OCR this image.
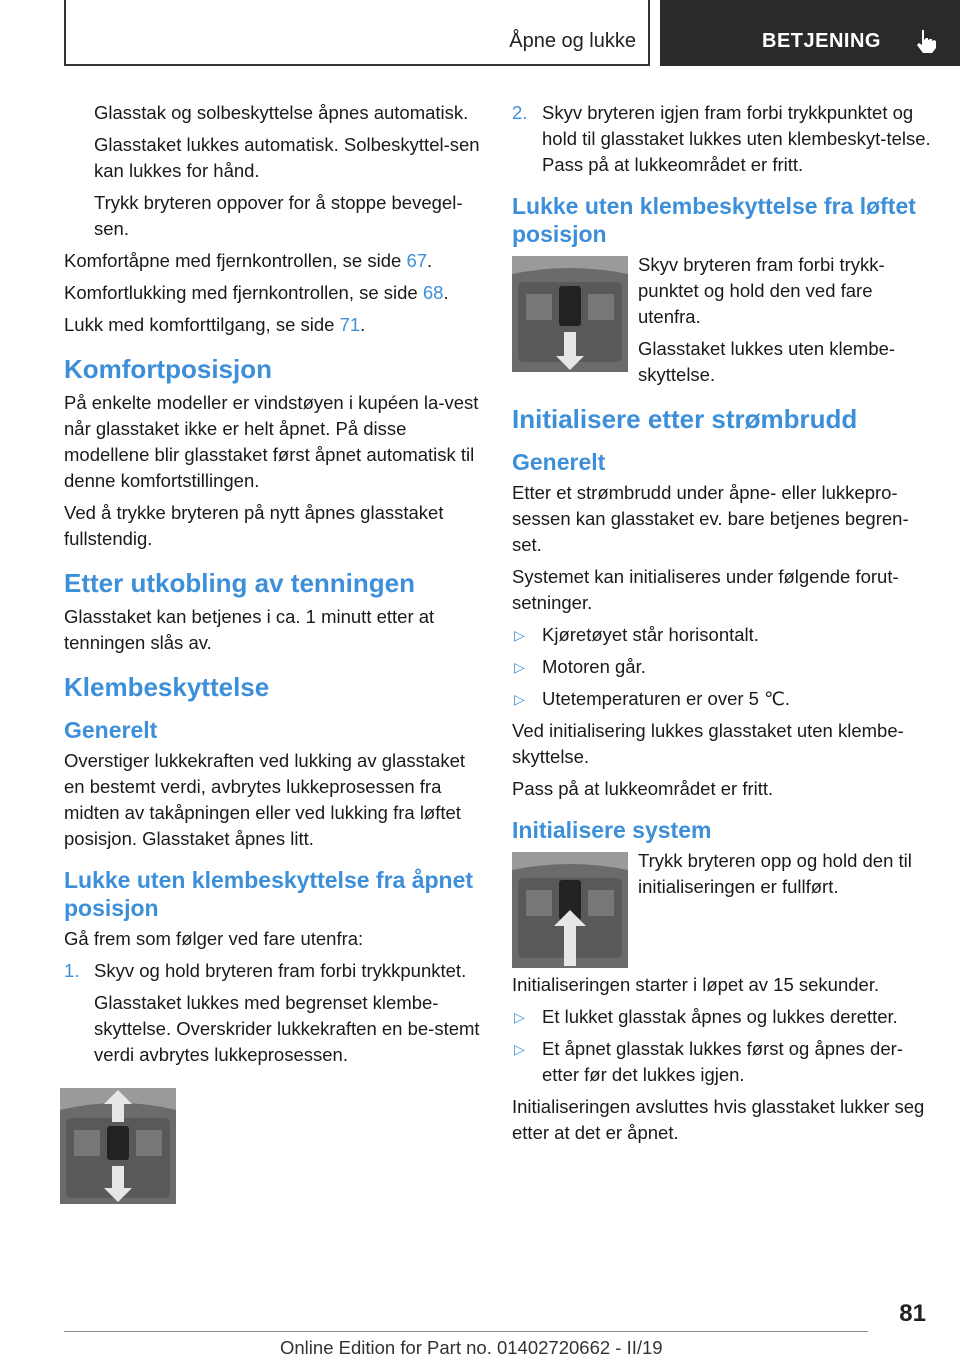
Åpne og lukke	BETJENING

Glasstak og solbeskyttelse åpnes automatisk.

Glasstaket lukkes automatisk. Solbeskyttel-sen kan lukkes for hånd.

Trykk bryteren oppover for å stoppe bevegel-sen.

Komfortåpne med fjernkontrollen, se side 67.

Komfortlukking med fjernkontrollen, se side 68.

Lukk med komforttilgang, se side 71.

Komfortposisjon

På enkelte modeller er vindstøyen i kupéen la-vest når glasstaket ikke er helt åpnet. På disse modellene blir glasstaket først åpnet automatisk til denne komfortstillingen.

Ved å trykke bryteren på nytt åpnes glasstaket fullstendig.

Etter utkobling av tenningen

Glasstaket kan betjenes i ca. 1 minutt etter at tenningen slås av.

Klembeskyttelse
Generelt

Overstiger lukkekraften ved lukking av glasstaket en bestemt verdi, avbrytes lukkeprosessen fra midten av takåpningen eller ved lukking fra løftet posisjon. Glasstaket åpnes litt.

Lukke uten klembeskyttelse fra åpnet posisjon

Gå frem som følger ved fare utenfra:

1. Skyv og hold bryteren fram forbi trykkpunktet.

Glasstaket lukkes med begrenset klembe-skyttelse. Overskrider lukkekraften en be-stemt verdi avbrytes lukkeprosessen.

2. Skyv bryteren igjen fram forbi trykkpunktet og hold til glasstaket lukkes uten klembeskyt-telse. Pass på at lukkeområdet er fritt.
Lukke uten klembeskyttelse fra løftet posisjon

Skyv bryteren fram forbi trykk-punktet og hold den ved fare utenfra.

Glasstaket lukkes uten klembe-skyttelse.

Initialisere etter strømbrudd
Generelt

Etter et strømbrudd under åpne- eller lukkepro-sessen kan glasstaket ev. bare betjenes begren-set.

Systemet kan initialiseres under følgende forut-setninger.

▷ Kjøretøyet står horisontalt.
▷ Motoren går.
▷ Utetemperaturen er over 5 ℃.

Ved initialisering lukkes glasstaket uten klembe-skyttelse.

Pass på at lukkeområdet er fritt.

Initialisere system

Trykk bryteren opp og hold den til initialiseringen er fullført.

Initialiseringen starter i løpet av 15 sekunder.

▷ Et lukket glasstak åpnes og lukkes deretter.
▷ Et åpnet glasstak lukkes først og åpnes der-etter før det lukkes igjen.

Initialiseringen avsluttes hvis glasstaket lukker seg etter at det er åpnet.

81
Online Edition for Part no. 01402720662 - II/19
